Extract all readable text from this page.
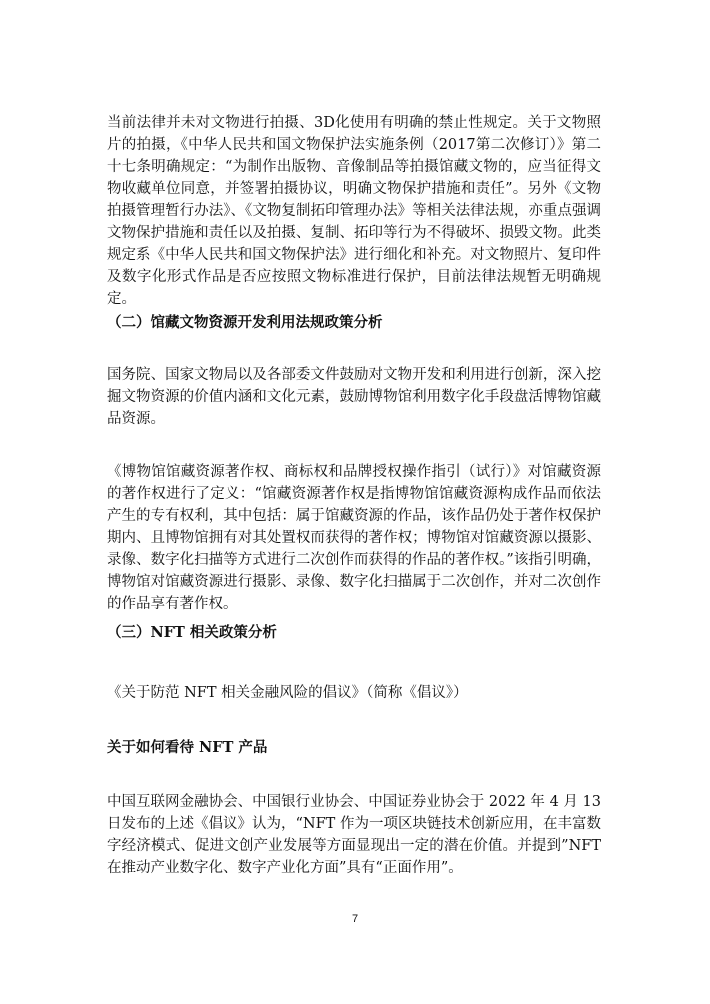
当前法律并未对文物进行拍摄、3D化使用有明确的禁止性规定。关于文物照片的拍摄，《中华人民共和国文物保护法实施条例（2017第二次修订）》第二十七条明确规定：“为制作出版物、音像制品等拍摄馆藏文物的，应当征得文物收藏单位同意，并签署拍摄协议，明确文物保护措施和责任”。另外《文物拍摄管理暂行办法》、《文物复制拓印管理办法》等相关法律法规，亦重点强调文物保护措施和责任以及拍摄、复制、拓印等行为不得破坏、损毁文物。此类规定系《中华人民共和国文物保护法》进行细化和补充。对文物照片、复印件及数字化形式作品是否应按照文物标准进行保护，目前法律法规暂无明确规定。

（二）馆藏文物资源开发利用法规政策分析

国务院、国家文物局以及各部委文件鼓励对文物开发和利用进行创新，深入挖掘文物资源的价值内涵和文化元素，鼓励博物馆利用数字化手段盘活博物馆藏品资源。

《博物馆馆藏资源著作权、商标权和品牌授权操作指引（试行）》对馆藏资源的著作权进行了定义：“馆藏资源著作权是指博物馆馆藏资源构成作品而依法产生的专有权利，其中包括：属于馆藏资源的作品，该作品仍处于著作权保护期内、且博物馆拥有对其处置权而获得的著作权；博物馆对馆藏资源以摄影、录像、数字化扫描等方式进行二次创作而获得的作品的著作权。”该指引明确，博物馆对馆藏资源进行摄影、录像、数字化扫描属于二次创作，并对二次创作的作品享有著作权。

（三）NFT 相关政策分析

《关于防范 NFT 相关金融风险的倡议》（简称《倡议》）

关于如何看待 NFT 产品

中国互联网金融协会、中国银行业协会、中国证券业协会于 2022 年 4 月 13 日发布的上述《倡议》认为，“NFT 作为一项区块链技术创新应用，在丰富数字经济模式、促进文创产业发展等方面显现出一定的潜在价值。并提到”NFT 在推动产业数字化、数字产业化方面”具有“正面作用”。

7
